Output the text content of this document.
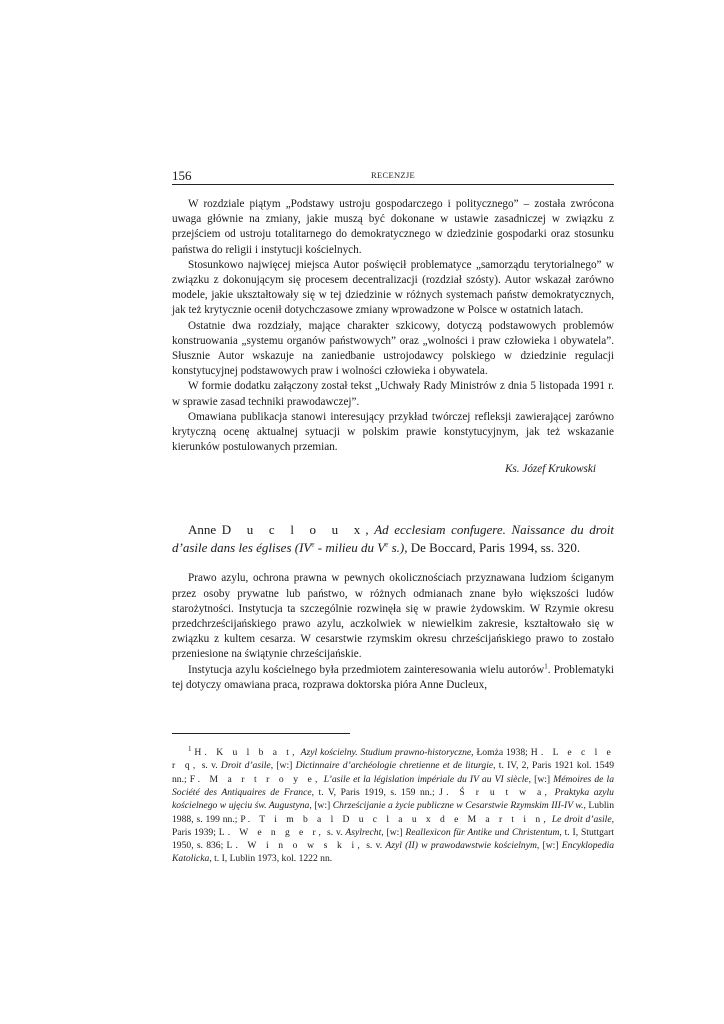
156	RECENZJE

W rozdziale piątym „Podstawy ustroju gospodarczego i politycznego” – została zwrócona uwaga głównie na zmiany, jakie muszą być dokonane w ustawie zasadniczej w związku z przejściem od ustroju totalitarnego do demokratycznego w dziedzinie gospodarki oraz stosunku państwa do religii i instytucji kościelnych.

Stosunkowo najwięcej miejsca Autor poświęcił problematyce „samorządu terytorialnego” w związku z dokonującym się procesem decentralizacji (rozdział szósty). Autor wskazał zarówno modele, jakie ukształtowały się w tej dziedzinie w różnych systemach państw demokratycznych, jak też krytycznie ocenił dotychczasowe zmiany wprowadzone w Polsce w ostatnich latach.

Ostatnie dwa rozdziały, mające charakter szkicowy, dotyczą podstawowych problemów konstruowania „systemu organów państwowych” oraz „wolności i praw człowieka i obywatela”. Słusznie Autor wskazuje na zaniedbanie ustrojodawcy polskiego w dziedzinie regulacji konstytucyjnej podstawowych praw i wolności człowieka i obywatela.

W formie dodatku załączony został tekst „Uchwały Rady Ministrów z dnia 5 listopada 1991 r. w sprawie zasad techniki prawodawczej”.

Omawiana publikacja stanowi interesujący przykład twórczej refleksji zawierającej zarówno krytyczną ocenę aktualnej sytuacji w polskim prawie konstytucyjnym, jak też wskazanie kierunków postulowanych przemian.

Ks. Józef Krukowski
Anne D u c l o u x, Ad ecclesiam confugere. Naissance du droit d’asile dans les églises (IVe - milieu du Ve s.), De Boccard, Paris 1994, ss. 320.

Prawo azylu, ochrona prawna w pewnych okolicznościach przyznawana ludziom ściganym przez osoby prywatne lub państwo, w różnych odmianach znane było większości ludów starożytności. Instytucja ta szczególnie rozwinęła się w prawie żydowskim. W Rzymie okresu przedchrześcijańskiego prawo azylu, aczkolwiek w niewielkim zakresie, kształtowało się w związku z kultem cesarza. W cesarstwie rzymskim okresu chrześcijańskiego prawo to zostało przeniesione na świątynie chrześcijańskie.

Instytucja azylu kościelnego była przedmiotem zainteresowania wielu autorów$^1$. Problematyki tej dotyczy omawiana praca, rozprawa doktorska pióra Anne Ducleux,

$^1$ H. K u l b a t, Azyl kościelny. Studium prawno-historyczne, Łomża 1938; H. L e c l e r q, s. v. Droit d’asile, [w:] Dictinnaire d’archéologie chretienne et de liturgie, t. IV, 2, Paris 1921 kol. 1549 nn.; F. M a r t r o y e, L’asile et la législation impériale du IV au VI siècle, [w:] Mémoires de la Société des Antiquaires de France, t. V, Paris 1919, s. 159 nn.; J. Ś r u t w a, Praktyka azylu kościelnego w ujęciu św. Augustyna, [w:] Chrześcijanie a życie publiczne w Cesarstwie Rzymskim III-IV w., Lublin 1988, s. 199 nn.; P. T i m b a l D u c l a u x d e M a r t i n, Le droit d’asile, Paris 1939; L. W e n g e r, s. v. Asylrecht, [w:] Reallexicon für Antike und Christentum, t. I, Stuttgart 1950, s. 836; L. W i n o w s k i, s. v. Azyl (II) w prawodawstwie kościelnym, [w:] Encyklopedia Katolicka, t. I, Lublin 1973, kol. 1222 nn.
